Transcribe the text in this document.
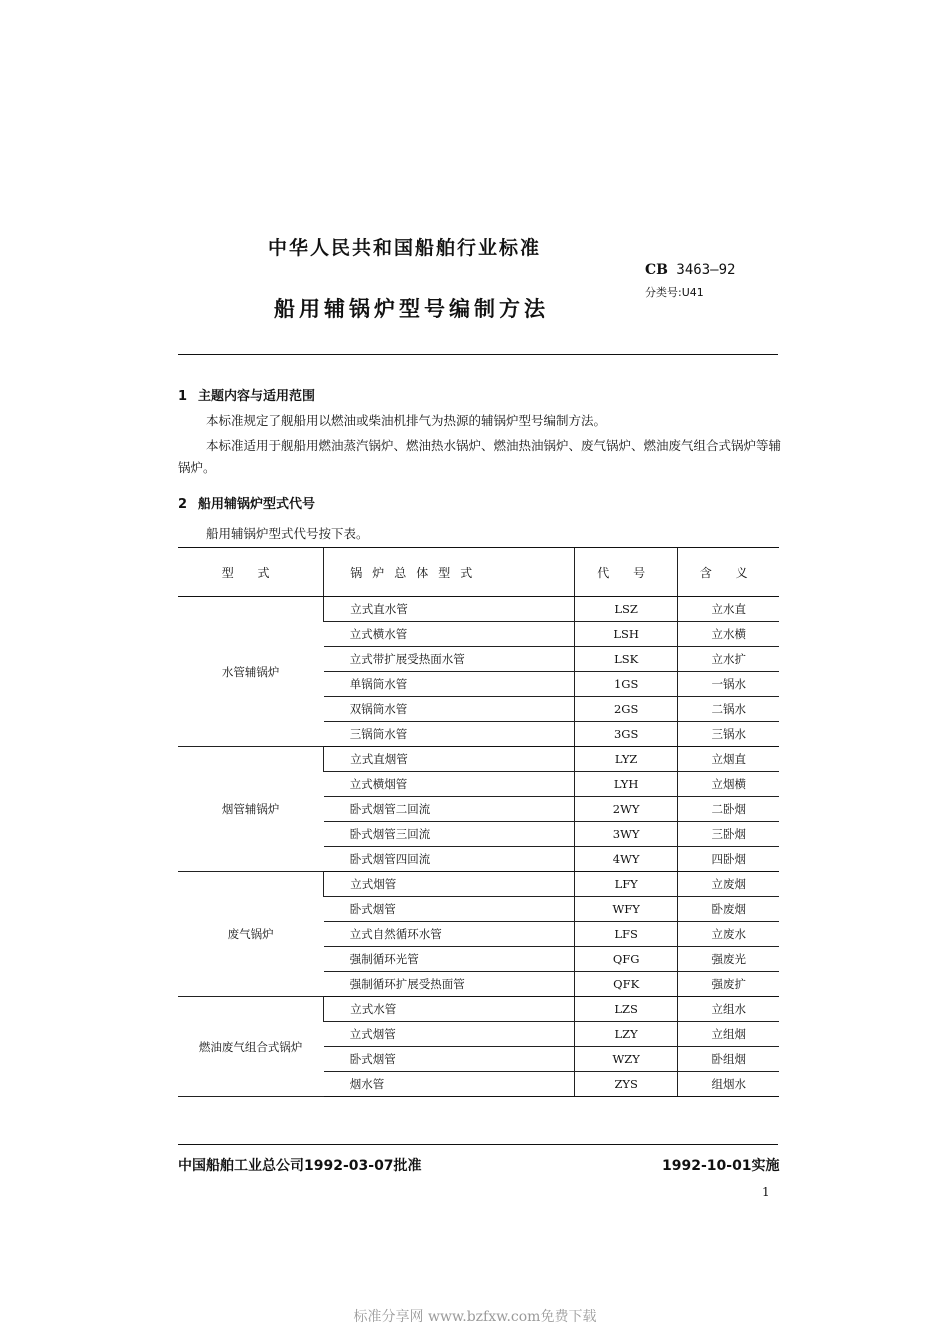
中华人民共和国船舶行业标准
CB 3463—92
分类号:U41
船用辅锅炉型号编制方法
1 主题内容与适用范围
本标准规定了舰船用以燃油或柴油机排气为热源的辅锅炉型号编制方法。
本标准适用于舰船用燃油蒸汽锅炉、燃油热水锅炉、燃油热油锅炉、废气锅炉、燃油废气组合式锅炉等辅锅炉。
2 船用辅锅炉型式代号
船用辅锅炉型式代号按下表。
型 式	锅炉总体型式	代 号	含 义
水管辅锅炉	立式直水管	LSZ	立水直
	立式横水管	LSH	立水横
	立式带扩展受热面水管	LSK	立水扩
	单锅筒水管	1GS	一锅水
	双锅筒水管	2GS	二锅水
	三锅筒水管	3GS	三锅水
烟管辅锅炉	立式直烟管	LYZ	立烟直
	立式横烟管	LYH	立烟横
	卧式烟管二回流	2WY	二卧烟
	卧式烟管三回流	3WY	三卧烟
	卧式烟管四回流	4WY	四卧烟
废气锅炉	立式烟管	LFY	立废烟
	卧式烟管	WFY	卧废烟
	立式自然循环水管	LFS	立废水
	强制循环光管	QFG	强废光
	强制循环扩展受热面管	QFK	强废扩
燃油废气组合式锅炉	立式水管	LZS	立组水
	立式烟管	LZY	立组烟
	卧式烟管	WZY	卧组烟
	烟水管	ZYS	组烟水
中国船舶工业总公司1992-03-07批准	1992-10-01实施
1
标准分享网 www.bzfxw.com免费下载
